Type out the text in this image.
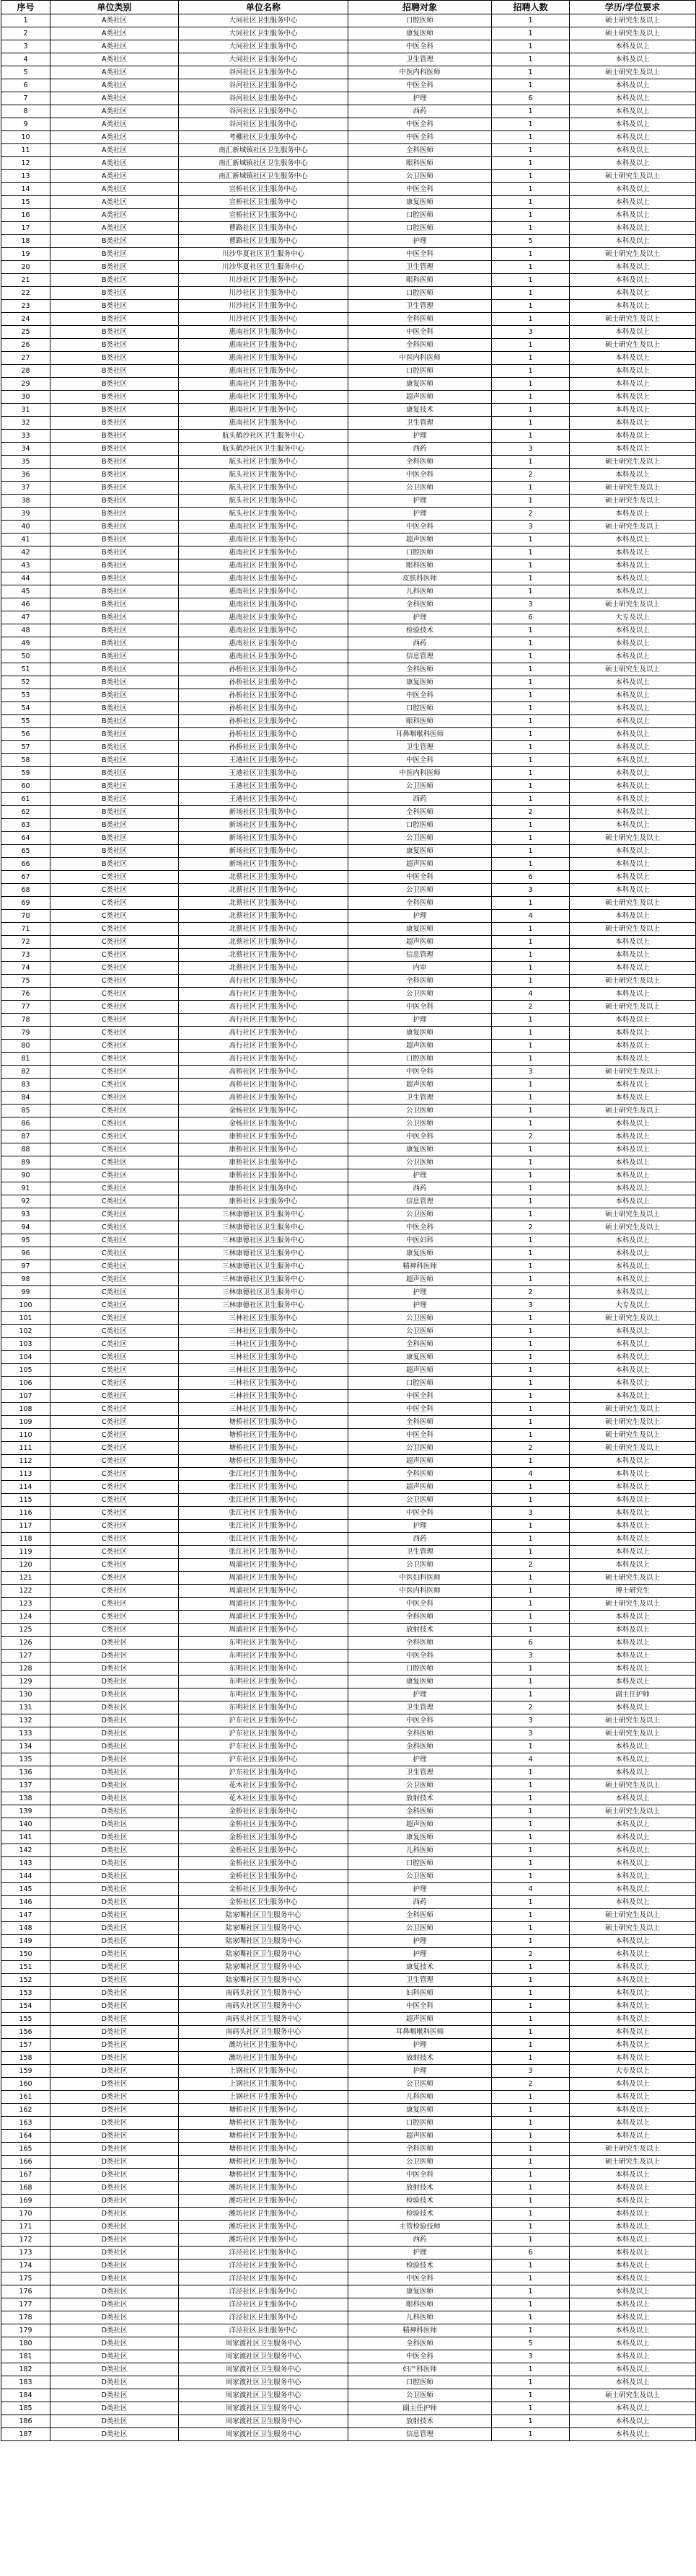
序号	单位类别	单位名称	招聘对象	招聘人数	学历/学位要求
1	A类社区	大同社区卫生服务中心	口腔医师	1	硕士研究生及以上
2	A类社区	大同社区卫生服务中心	康复医师	1	硕士研究生及以上
3	A类社区	大同社区卫生服务中心	中医全科	1	本科及以上
4	A类社区	大同社区卫生服务中心	卫生管理	1	本科及以上
5	A类社区	谷河社区卫生服务中心	中医内科医师	1	硕士研究生及以上
6	A类社区	谷河社区卫生服务中心	中医全科	1	本科及以上
7	A类社区	谷河社区卫生服务中心	护理	6	本科及以上
8	A类社区	谷河社区卫生服务中心	西药	1	本科及以上
9	A类社区	谷河社区卫生服务中心	中医全科	1	本科及以上
10	A类社区	考棚社区卫生服务中心	中医全科	1	本科及以上
11	A类社区	南汇新城镇社区卫生服务中心	全科医师	1	本科及以上
12	A类社区	南汇新城镇社区卫生服务中心	眼科医师	1	本科及以上
13	A类社区	南汇新城镇社区卫生服务中心	公卫医师	1	硕士研究生及以上
14	A类社区	宣桥社区卫生服务中心	中医全科	1	本科及以上
15	A类社区	宣桥社区卫生服务中心	康复医师	1	本科及以上
16	A类社区	宣桥社区卫生服务中心	口腔医师	1	本科及以上
17	A类社区	曹路社区卫生服务中心	口腔医师	1	本科及以上
18	B类社区	曹路社区卫生服务中心	护理	5	本科及以上
19	B类社区	川沙华夏社区卫生服务中心	中医全科	1	硕士研究生及以上
20	B类社区	川沙华夏社区卫生服务中心	卫生管理	1	本科及以上
21	B类社区	川沙社区卫生服务中心	眼科医师	1	本科及以上
22	B类社区	川沙社区卫生服务中心	口腔医师	1	本科及以上
23	B类社区	川沙社区卫生服务中心	卫生管理	1	本科及以上
24	B类社区	川沙社区卫生服务中心	全科医师	1	硕士研究生及以上
25	B类社区	惠南社区卫生服务中心	中医全科	3	本科及以上
26	B类社区	惠南社区卫生服务中心	全科医师	1	硕士研究生及以上
27	B类社区	惠南社区卫生服务中心	中医内科医师	1	本科及以上
28	B类社区	惠南社区卫生服务中心	口腔医师	1	本科及以上
29	B类社区	惠南社区卫生服务中心	康复医师	1	本科及以上
30	B类社区	惠南社区卫生服务中心	超声医师	1	本科及以上
31	B类社区	惠南社区卫生服务中心	康复技术	1	本科及以上
32	B类社区	惠南社区卫生服务中心	卫生管理	1	本科及以上
33	B类社区	航头鹤沙社区卫生服务中心	护理	1	本科及以上
34	B类社区	航头鹤沙社区卫生服务中心	西药	3	本科及以上
35	B类社区	航头社区卫生服务中心	全科医师	1	硕士研究生及以上
36	B类社区	航头社区卫生服务中心	中医全科	2	本科及以上
37	B类社区	航头社区卫生服务中心	公卫医师	1	硕士研究生及以上
38	B类社区	航头社区卫生服务中心	护理	1	硕士研究生及以上
39	B类社区	航头社区卫生服务中心	护理	2	本科及以上
40	B类社区	惠南社区卫生服务中心	中医全科	3	硕士研究生及以上
41	B类社区	惠南社区卫生服务中心	超声医师	1	本科及以上
42	B类社区	惠南社区卫生服务中心	口腔医师	1	本科及以上
43	B类社区	惠南社区卫生服务中心	眼科医师	1	本科及以上
44	B类社区	惠南社区卫生服务中心	皮肤科医师	1	本科及以上
45	B类社区	惠南社区卫生服务中心	儿科医师	1	本科及以上
46	B类社区	惠南社区卫生服务中心	全科医师	3	硕士研究生及以上
47	B类社区	惠南社区卫生服务中心	护理	6	大专及以上
48	B类社区	惠南社区卫生服务中心	检验技术	1	本科及以上
49	B类社区	惠南社区卫生服务中心	西药	1	本科及以上
50	B类社区	惠南社区卫生服务中心	信息管理	1	本科及以上
51	B类社区	孙桥社区卫生服务中心	全科医师	1	硕士研究生及以上
52	B类社区	孙桥社区卫生服务中心	康复医师	1	本科及以上
53	B类社区	孙桥社区卫生服务中心	中医全科	1	本科及以上
54	B类社区	孙桥社区卫生服务中心	口腔医师	1	本科及以上
55	B类社区	孙桥社区卫生服务中心	眼科医师	1	本科及以上
56	B类社区	孙桥社区卫生服务中心	耳鼻咽喉科医师	1	本科及以上
57	B类社区	孙桥社区卫生服务中心	卫生管理	1	本科及以上
58	B类社区	王港社区卫生服务中心	中医全科	1	本科及以上
59	B类社区	王港社区卫生服务中心	中医内科医师	1	本科及以上
60	B类社区	王港社区卫生服务中心	公卫医师	1	本科及以上
61	B类社区	王港社区卫生服务中心	西药	1	本科及以上
62	B类社区	新场社区卫生服务中心	全科医师	2	本科及以上
63	B类社区	新场社区卫生服务中心	口腔医师	1	本科及以上
64	B类社区	新场社区卫生服务中心	公卫医师	1	硕士研究生及以上
65	B类社区	新场社区卫生服务中心	康复医师	1	本科及以上
66	B类社区	新场社区卫生服务中心	超声医师	1	本科及以上
67	C类社区	北蔡社区卫生服务中心	中医全科	6	本科及以上
68	C类社区	北蔡社区卫生服务中心	公卫医师	3	本科及以上
69	C类社区	北蔡社区卫生服务中心	全科医师	1	硕士研究生及以上
70	C类社区	北蔡社区卫生服务中心	护理	4	本科及以上
71	C类社区	北蔡社区卫生服务中心	康复医师	1	硕士研究生及以上
72	C类社区	北蔡社区卫生服务中心	超声医师	1	本科及以上
73	C类社区	北蔡社区卫生服务中心	信息管理	1	本科及以上
74	C类社区	北蔡社区卫生服务中心	内审	1	本科及以上
75	C类社区	高行社区卫生服务中心	全科医师	1	硕士研究生及以上
76	C类社区	高行社区卫生服务中心	公卫医师	4	本科及以上
77	C类社区	高行社区卫生服务中心	中医全科	2	硕士研究生及以上
78	C类社区	高行社区卫生服务中心	护理	1	本科及以上
79	C类社区	高行社区卫生服务中心	康复医师	1	本科及以上
80	C类社区	高行社区卫生服务中心	超声医师	1	本科及以上
81	C类社区	高行社区卫生服务中心	口腔医师	1	本科及以上
82	C类社区	高桥社区卫生服务中心	中医全科	3	硕士研究生及以上
83	C类社区	高桥社区卫生服务中心	超声医师	1	本科及以上
84	C类社区	高桥社区卫生服务中心	卫生管理	1	本科及以上
85	C类社区	金杨社区卫生服务中心	公卫医师	1	硕士研究生及以上
86	C类社区	金杨社区卫生服务中心	公卫医师	1	本科及以上
87	C类社区	康桥社区卫生服务中心	中医全科	2	本科及以上
88	C类社区	康桥社区卫生服务中心	康复医师	1	本科及以上
89	C类社区	康桥社区卫生服务中心	公卫医师	1	本科及以上
90	C类社区	康桥社区卫生服务中心	护理	1	本科及以上
91	C类社区	康桥社区卫生服务中心	西药	1	本科及以上
92	C类社区	康桥社区卫生服务中心	信息管理	1	本科及以上
93	C类社区	三林康德社区卫生服务中心	公卫医师	1	硕士研究生及以上
94	C类社区	三林康德社区卫生服务中心	中医全科	2	硕士研究生及以上
95	C类社区	三林康德社区卫生服务中心	中医妇科	1	本科及以上
96	C类社区	三林康德社区卫生服务中心	康复医师	1	本科及以上
97	C类社区	三林康德社区卫生服务中心	精神科医师	1	本科及以上
98	C类社区	三林康德社区卫生服务中心	超声医师	1	本科及以上
99	C类社区	三林康德社区卫生服务中心	护理	2	本科及以上
100	C类社区	三林康德社区卫生服务中心	护理	3	大专及以上
101	C类社区	三林社区卫生服务中心	公卫医师	1	硕士研究生及以上
102	C类社区	三林社区卫生服务中心	公卫医师	1	本科及以上
103	C类社区	三林社区卫生服务中心	全科医师	1	本科及以上
104	C类社区	三林社区卫生服务中心	康复医师	1	本科及以上
105	C类社区	三林社区卫生服务中心	超声医师	1	本科及以上
106	C类社区	三林社区卫生服务中心	口腔医师	1	本科及以上
107	C类社区	三林社区卫生服务中心	中医全科	1	本科及以上
108	C类社区	三林社区卫生服务中心	中医全科	1	硕士研究生及以上
109	C类社区	塘桥社区卫生服务中心	全科医师	1	硕士研究生及以上
110	C类社区	塘桥社区卫生服务中心	中医全科	1	硕士研究生及以上
111	C类社区	塘桥社区卫生服务中心	公卫医师	2	硕士研究生及以上
112	C类社区	塘桥社区卫生服务中心	超声医师	1	本科及以上
113	C类社区	张江社区卫生服务中心	全科医师	4	本科及以上
114	C类社区	张江社区卫生服务中心	超声医师	1	本科及以上
115	C类社区	张江社区卫生服务中心	公卫医师	1	本科及以上
116	C类社区	张江社区卫生服务中心	中医全科	3	本科及以上
117	C类社区	张江社区卫生服务中心	护理	1	本科及以上
118	C类社区	张江社区卫生服务中心	西药	1	本科及以上
119	C类社区	张江社区卫生服务中心	卫生管理	1	本科及以上
120	C类社区	周浦社区卫生服务中心	公卫医师	2	本科及以上
121	C类社区	周浦社区卫生服务中心	中医妇科医师	1	硕士研究生及以上
122	C类社区	周浦社区卫生服务中心	中医内科医师	1	博士研究生
123	C类社区	周浦社区卫生服务中心	中医全科	1	硕士研究生及以上
124	C类社区	周浦社区卫生服务中心	全科医师	1	本科及以上
125	C类社区	周浦社区卫生服务中心	放射技术	1	本科及以上
126	D类社区	东明社区卫生服务中心	全科医师	6	本科及以上
127	D类社区	东明社区卫生服务中心	中医全科	3	本科及以上
128	D类社区	东明社区卫生服务中心	口腔医师	1	本科及以上
129	D类社区	东明社区卫生服务中心	康复医师	1	本科及以上
130	D类社区	东明社区卫生服务中心	护理	1	副主任护师
131	D类社区	东明社区卫生服务中心	卫生管理	2	本科及以上
132	D类社区	沪东社区卫生服务中心	中医全科	3	硕士研究生及以上
133	D类社区	沪东社区卫生服务中心	全科医师	3	硕士研究生及以上
134	D类社区	沪东社区卫生服务中心	全科医师	1	本科及以上
135	D类社区	沪东社区卫生服务中心	护理	4	本科及以上
136	D类社区	沪东社区卫生服务中心	卫生管理	1	本科及以上
137	D类社区	花木社区卫生服务中心	公卫医师	1	硕士研究生及以上
138	D类社区	花木社区卫生服务中心	放射技术	1	本科及以上
139	D类社区	金桥社区卫生服务中心	全科医师	1	硕士研究生及以上
140	D类社区	金桥社区卫生服务中心	超声医师	1	本科及以上
141	D类社区	金桥社区卫生服务中心	康复医师	1	本科及以上
142	D类社区	金桥社区卫生服务中心	儿科医师	1	本科及以上
143	D类社区	金桥社区卫生服务中心	口腔医师	1	本科及以上
144	D类社区	金桥社区卫生服务中心	公卫医师	1	本科及以上
145	D类社区	金桥社区卫生服务中心	护理	4	本科及以上
146	D类社区	金桥社区卫生服务中心	西药	1	本科及以上
147	D类社区	陆家嘴社区卫生服务中心	全科医师	1	硕士研究生及以上
148	D类社区	陆家嘴社区卫生服务中心	公卫医师	1	硕士研究生及以上
149	D类社区	陆家嘴社区卫生服务中心	护理	1	本科及以上
150	D类社区	陆家嘴社区卫生服务中心	护理	2	本科及以上
151	D类社区	陆家嘴社区卫生服务中心	康复技术	1	本科及以上
152	D类社区	陆家嘴社区卫生服务中心	卫生管理	1	本科及以上
153	D类社区	南码头社区卫生服务中心	妇科医师	1	本科及以上
154	D类社区	南码头社区卫生服务中心	中医全科	1	本科及以上
155	D类社区	南码头社区卫生服务中心	超声医师	1	本科及以上
156	D类社区	南码头社区卫生服务中心	耳鼻咽喉科医师	1	本科及以上
157	D类社区	潍坊社区卫生服务中心	护理	1	本科及以上
158	D类社区	潍坊社区卫生服务中心	放射技术	1	本科及以上
159	D类社区	上钢社区卫生服务中心	护理	3	大专及以上
160	D类社区	上钢社区卫生服务中心	公卫医师	2	本科及以上
161	D类社区	上钢社区卫生服务中心	儿科医师	1	本科及以上
162	D类社区	塘桥社区卫生服务中心	康复医师	1	本科及以上
163	D类社区	塘桥社区卫生服务中心	口腔医师	1	本科及以上
164	D类社区	塘桥社区卫生服务中心	超声医师	1	本科及以上
165	D类社区	塘桥社区卫生服务中心	全科医师	1	硕士研究生及以上
166	D类社区	塘桥社区卫生服务中心	公卫医师	1	硕士研究生及以上
167	D类社区	塘桥社区卫生服务中心	中医全科	1	本科及以上
168	D类社区	潍坊社区卫生服务中心	放射技术	1	本科及以上
169	D类社区	潍坊社区卫生服务中心	检验技术	1	本科及以上
170	D类社区	潍坊社区卫生服务中心	检验技术	1	本科及以上
171	D类社区	潍坊社区卫生服务中心	主管检验技师	1	本科及以上
172	D类社区	潍坊社区卫生服务中心	西药	1	本科及以上
173	D类社区	洋泾社区卫生服务中心	护理	6	本科及以上
174	D类社区	洋泾社区卫生服务中心	检验技术	1	本科及以上
175	D类社区	洋泾社区卫生服务中心	中医全科	1	本科及以上
176	D类社区	洋泾社区卫生服务中心	康复医师	1	本科及以上
177	D类社区	洋泾社区卫生服务中心	眼科医师	1	本科及以上
178	D类社区	洋泾社区卫生服务中心	儿科医师	1	本科及以上
179	D类社区	洋泾社区卫生服务中心	精神科医师	1	本科及以上
180	D类社区	周家渡社区卫生服务中心	全科医师	5	本科及以上
181	D类社区	周家渡社区卫生服务中心	中医全科	3	本科及以上
182	D类社区	周家渡社区卫生服务中心	妇产科医师	1	本科及以上
183	D类社区	周家渡社区卫生服务中心	口腔医师	1	本科及以上
184	D类社区	周家渡社区卫生服务中心	公卫医师	1	硕士研究生及以上
185	D类社区	周家渡社区卫生服务中心	副主任护师	1	本科及以上
186	D类社区	周家渡社区卫生服务中心	放射技术	1	本科及以上
187	D类社区	周家渡社区卫生服务中心	信息管理	1	本科及以上
